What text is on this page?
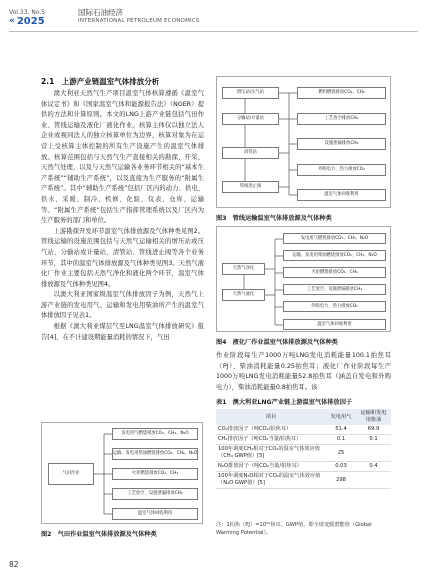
Vol.33, No.5
« 2025
国际石油经济
INTERNATIONAL PETROLEUM ECONOMICS
2.1　上游产业链温室气体排放分析
澳大利亚天然气生产项目温室气体核算遵循《温室气体议定书》和《国家温室气体和能源报告法》（NGER）提供的方法和计算原则。本文的LNG上游产业链包括气田作业、管线运输及液化厂液化作业。核算主体仅以独立法人企业或视同法人的独立核算单位为边界，核算对象为在运营上受核算主体控制的所有生产设施产生的温室气体排放。核算范围包括与天然气生产直接相关的勘探、开采、天然气处理、以及与天然气运输各业务环节相关的“基本生产系统”“辅助生产系统”，以及直接为生产服务的“附属生产系统”。其中“辅助生产系统”包括厂区内的动力、供电、供水、采暖、制冷、机修、化验、仪表、仓库、运输等。“附属生产系统”包括生产指挥管理系统以及厂区内为生产服务的部门和单位。
上游勘探开发环节温室气体排放源及气体种类见图2。管线运输的设施范围包括与天然气运输相关的增压站或压气站、分输站或计量站、清管站、管线进止阀等各个业务环节，其中的温室气体排放源及气体种类见图3。天然气液化厂作业主要包括天然气净化和液化两个环节，温室气体排放源及气体种类见图4。
以澳大利亚国家级温室气体排放因子为例，天然气上游产业链的发电用气、运输和发电用柴油所产生的温室气体排放因子见表1。
根据《澳大利亚煤层气至LNG温室气体排放研究》报告[4]，在不计建设期能量消耗的情况下，气田
气田作业
发电用气燃烧排放CO₂、CH₄、N₂O
运输、发电用柴油燃烧排放CO₂、CH₄、N₂O
火炬燃烧排放CO₂、CH₄
工艺放空、设施泄漏排放CH₄
温室气体回收利用
图2　气田作业温室气体排放源及气体种类
增压站/压气站
分输站/计量站
清管站
管线进止阀
燃料燃烧排放CO₂、CH₄
工艺放空排放CH₄
设施泄漏排放CH₄
外购电力、热力排放CO₂
温室气体回收利用
图3　管线运输温室气体排放源及气体种类
天然气净化
天然气液化
发电用气燃烧排放CO₂、CH₄、N₂O
运输、发电用柴油燃烧排放CO₂、CH₄、N₂O
火炬燃烧排放CO₂、CH₄
工艺放空、设施泄漏排放CH₄
外购电力、热力排放CO₂
温室气体回收利用
图4　液化厂作业温室气体排放源及气体种类
作业阶段每生产1000万吨LNG发电消耗能量100.1拍焦耳（PJ）、柴油消耗能量0.25拍焦耳；液化厂作业阶段每生产1000万吨LNG发电消耗能量52.8拍焦耳（涵盖自发电和外购电力），柴油消耗能量0.8拍焦耳。该
表1　澳大利亚LNG产业链上游温室气体排放因子
项目	发电用气	运输和发电用柴油
CO₂排放因子（吨CO₂/拍焦耳）	51.4	69.9
CH₄排放因子（吨CO₂当量/拍焦耳）	0.1	0.1
100年调度CH₄相对于CO₂的温室气体效应值（CH₄ GWP值）[5]	25	
N₂O排放因子（吨CO₂当量/拍焦耳）	0.03	0.4
100年调度N₂O相对于CO₂的温室气体效应值（N₂O GWP值）[5]	298	
注：1拍焦（PJ）=10¹⁵焦耳。GWP值，即全球变暖潜能值（Global Warming Potential）。
82
